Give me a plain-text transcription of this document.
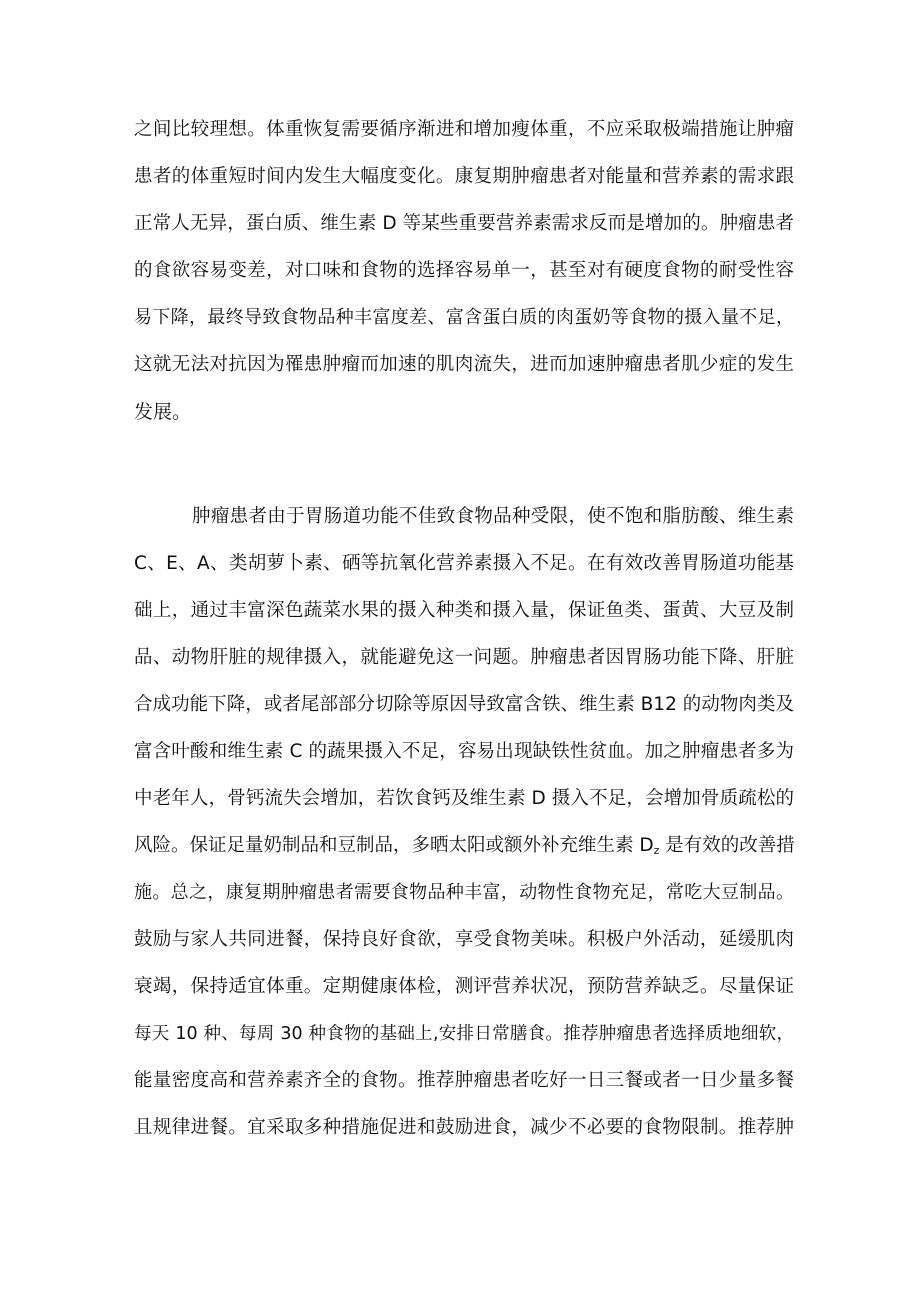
之间比较理想。体重恢复需要循序渐进和增加瘦体重，不应采取极端措施让肿瘤
患者的体重短时间内发生大幅度变化。康复期肿瘤患者对能量和营养素的需求跟
正常人无异，蛋白质、维生素 D 等某些重要营养素需求反而是增加的。肿瘤患者
的食欲容易变差，对口味和食物的选择容易单一，甚至对有硬度食物的耐受性容
易下降，最终导致食物品种丰富度差、富含蛋白质的肉蛋奶等食物的摄入量不足，
这就无法对抗因为罹患肿瘤而加速的肌肉流失，进而加速肿瘤患者肌少症的发生
发展。
肿瘤患者由于胃肠道功能不佳致食物品种受限，使不饱和脂肪酸、维生素
C、E、A、类胡萝卜素、硒等抗氧化营养素摄入不足。在有效改善胃肠道功能基
础上，通过丰富深色蔬菜水果的摄入种类和摄入量，保证鱼类、蛋黄、大豆及制
品、动物肝脏的规律摄入，就能避免这一问题。肿瘤患者因胃肠功能下降、肝脏
合成功能下降，或者尾部部分切除等原因导致富含铁、维生素 B12 的动物肉类及
富含叶酸和维生素 C 的蔬果摄入不足，容易出现缺铁性贫血。加之肿瘤患者多为
中老年人，骨钙流失会增加，若饮食钙及维生素 D 摄入不足，会增加骨质疏松的
风险。保证足量奶制品和豆制品，多晒太阳或额外补充维生素 $D_z$ 是有效的改善措
施。总之，康复期肿瘤患者需要食物品种丰富，动物性食物充足，常吃大豆制品。
鼓励与家人共同进餐，保持良好食欲，享受食物美味。积极户外活动，延缓肌肉
衰竭，保持适宜体重。定期健康体检，测评营养状况，预防营养缺乏。尽量保证
每天 10 种、每周 30 种食物的基础上,安排日常膳食。推荐肿瘤患者选择质地细软，
能量密度高和营养素齐全的食物。推荐肿瘤患者吃好一日三餐或者一日少量多餐
且规律进餐。宜采取多种措施促进和鼓励进食，减少不必要的食物限制。推荐肿
